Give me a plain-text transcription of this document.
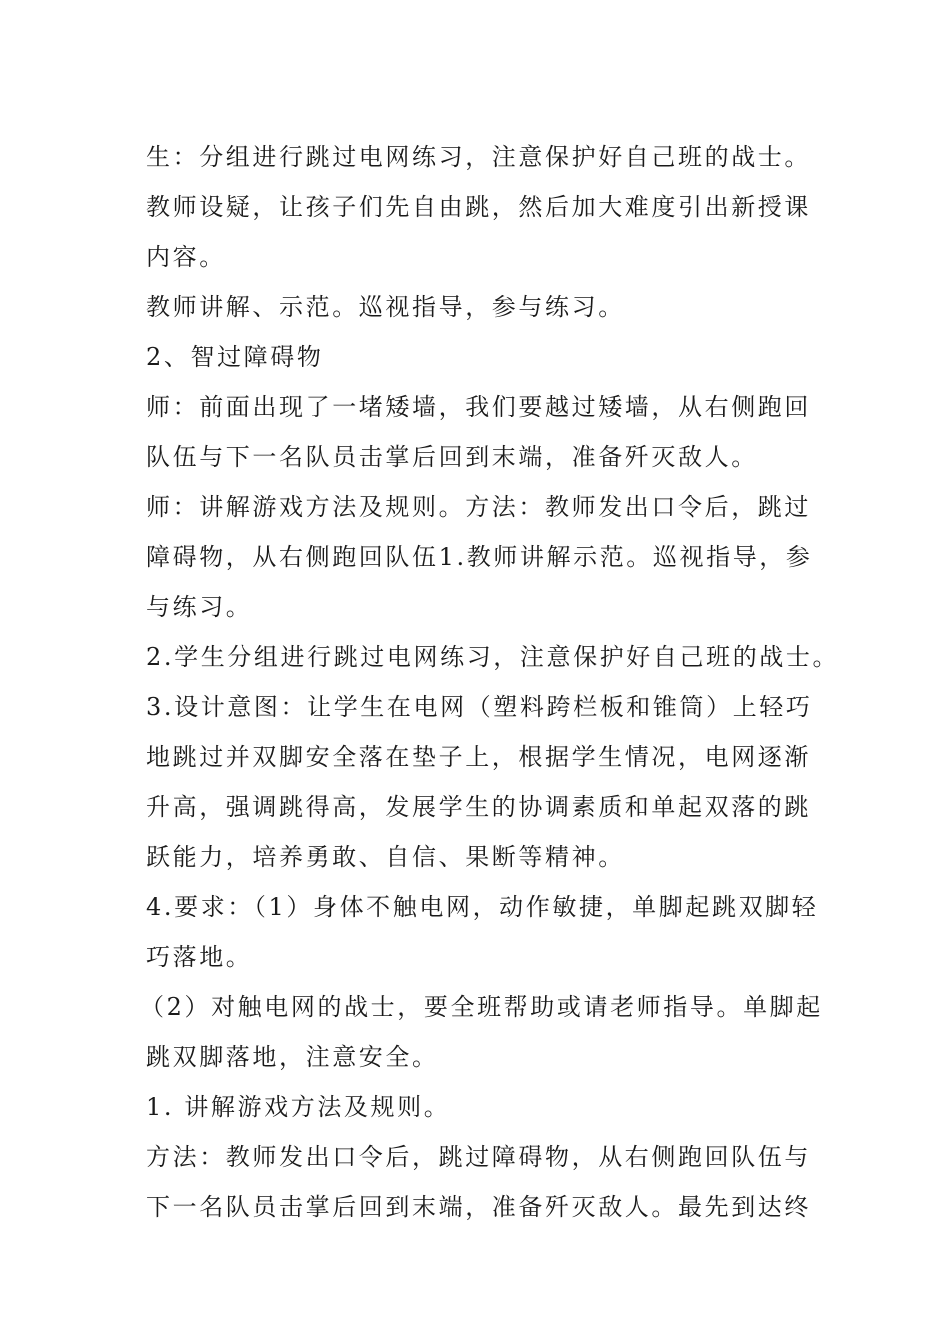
生：分组进行跳过电网练习，注意保护好自己班的战士。

教师设疑，让孩子们先自由跳，然后加大难度引出新授课

内容。

教师讲解、示范。巡视指导，参与练习。

2、智过障碍物

师：前面出现了一堵矮墙，我们要越过矮墙，从右侧跑回

队伍与下一名队员击掌后回到末端，准备歼灭敌人。

师：讲解游戏方法及规则。方法：教师发出口令后，跳过

障碍物，从右侧跑回队伍1.教师讲解示范。巡视指导，参

与练习。

2.学生分组进行跳过电网练习，注意保护好自己班的战士。

3.设计意图：让学生在电网（塑料跨栏板和锥筒）上轻巧

地跳过并双脚安全落在垫子上，根据学生情况，电网逐渐

升高，强调跳得高，发展学生的协调素质和单起双落的跳

跃能力，培养勇敢、自信、果断等精神。

4.要求：（1）身体不触电网，动作敏捷，单脚起跳双脚轻

巧落地。

（2）对触电网的战士，要全班帮助或请老师指导。单脚起

跳双脚落地，注意安全。

1. 讲解游戏方法及规则。

方法：教师发出口令后，跳过障碍物，从右侧跑回队伍与

下一名队员击掌后回到末端，准备歼灭敌人。最先到达终
